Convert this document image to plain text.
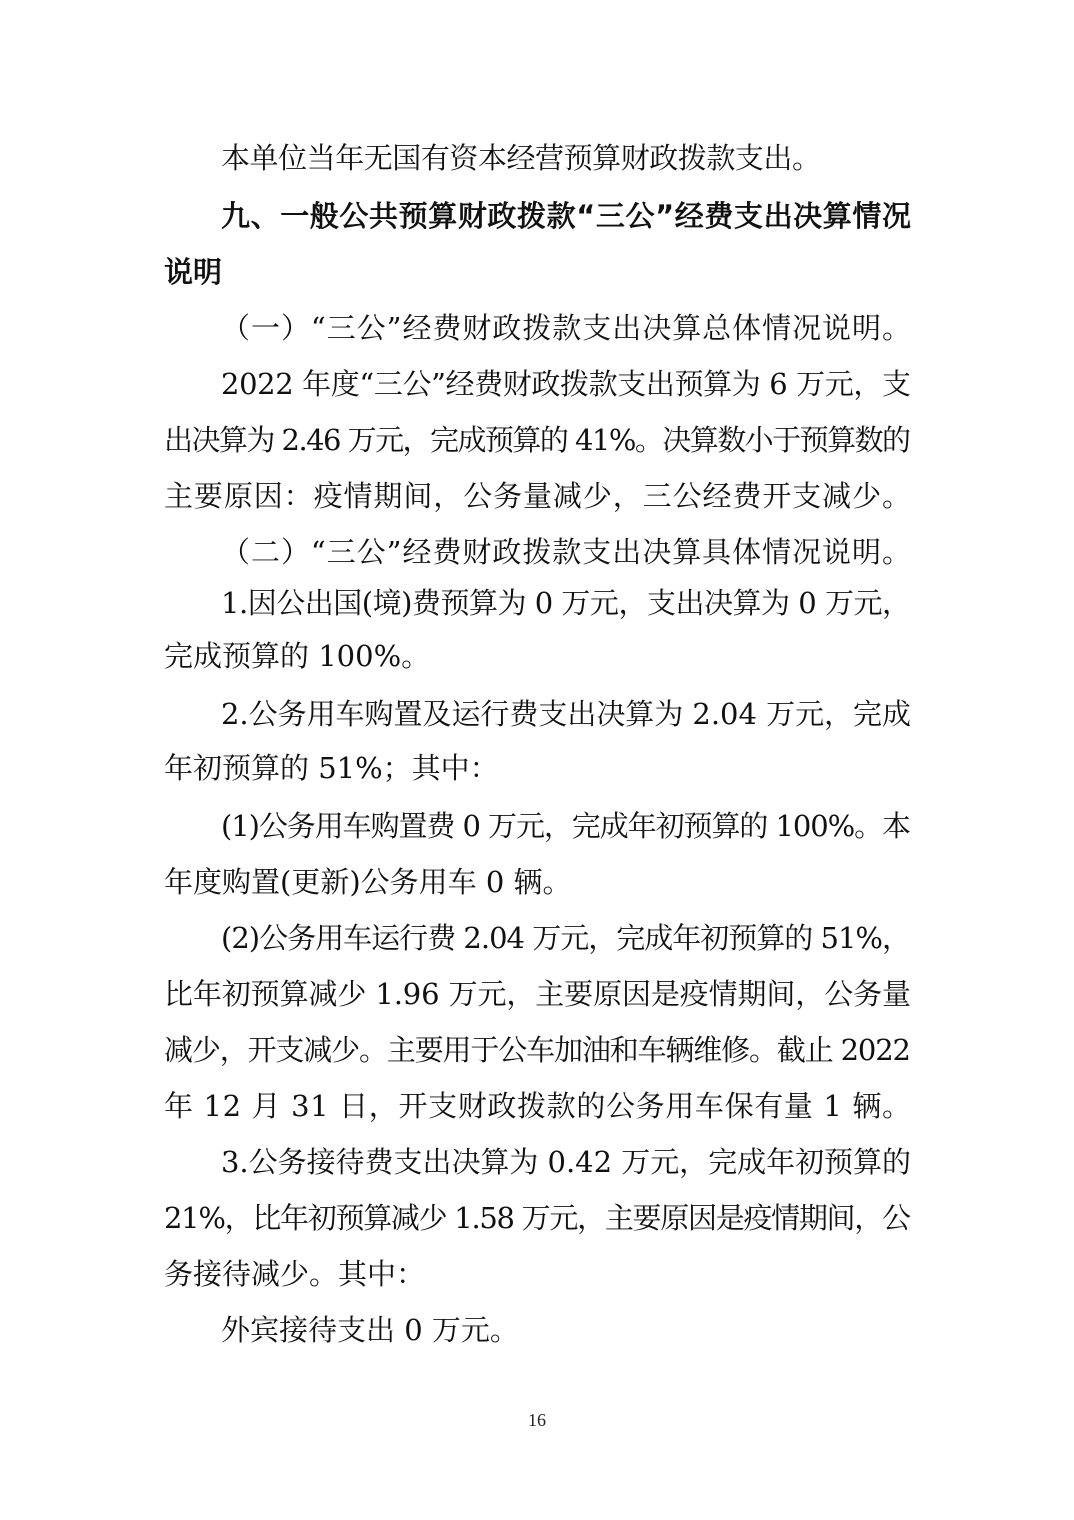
本单位当年无国有资本经营预算财政拨款支出。
九、一般公共预算财政拨款“三公”经费支出决算情况
说明
（一）“三公”经费财政拨款支出决算总体情况说明。
2022 年度“三公”经费财政拨款支出预算为 6 万元，支
出决算为 2.46 万元，完成预算的 41%。决算数小于预算数的
主要原因：疫情期间，公务量减少，三公经费开支减少。
（二）“三公”经费财政拨款支出决算具体情况说明。
1.因公出国(境)费预算为 0 万元，支出决算为 0 万元，
完成预算的 100%。
2.公务用车购置及运行费支出决算为 2.04 万元，完成
年初预算的 51%；其中：
(1)公务用车购置费 0 万元，完成年初预算的 100%。本
年度购置(更新)公务用车 0 辆。
(2)公务用车运行费 2.04 万元，完成年初预算的 51%，
比年初预算减少 1.96 万元，主要原因是疫情期间，公务量
减少，开支减少。主要用于公车加油和车辆维修。截止 2022
年 12 月 31 日，开支财政拨款的公务用车保有量 1 辆。
3.公务接待费支出决算为 0.42 万元，完成年初预算的
21%，比年初预算减少 1.58 万元，主要原因是疫情期间，公
务接待减少。其中：
外宾接待支出 0 万元。
16
